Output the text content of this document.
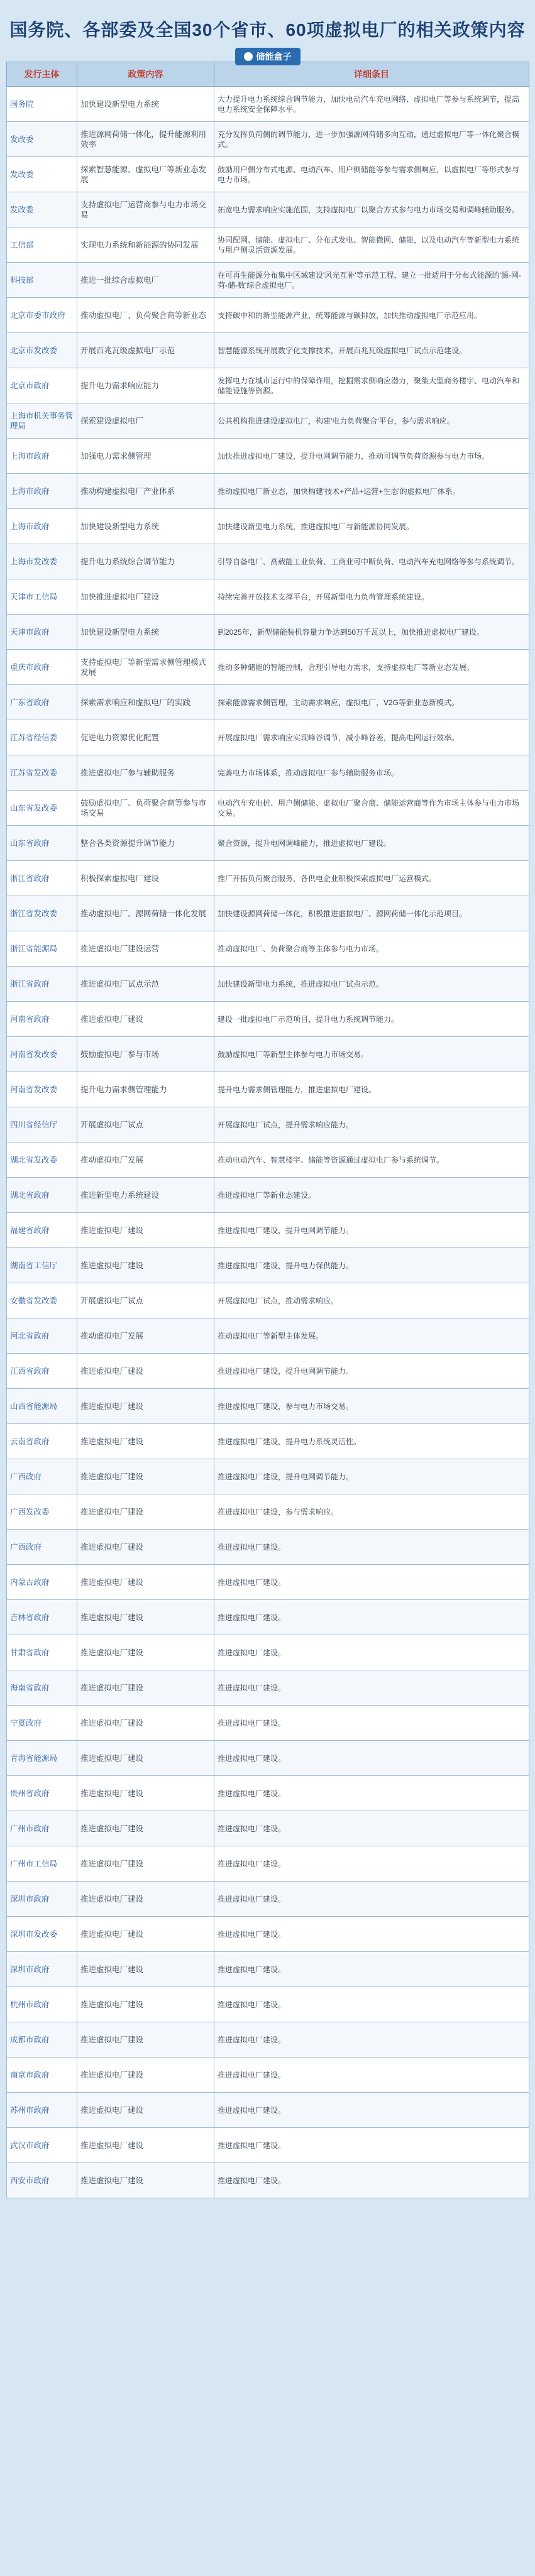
国务院、各部委及全国30个省市、60项虚拟电厂的相关政策内容
储能盒子
发行主体	政策内容	详细条目
国务院	加快建设新型电力系统	大力提升电力系统综合调节能力，加快电动汽车充电网络、虚拟电厂等参与系统调节，提高电力系统安全保障水平。
发改委	推进源网荷储一体化，提升能源利用效率	充分发挥负荷侧的调节能力，进一步加强源网荷储多向互动，通过虚拟电厂等一体化聚合模式。
发改委	探索智慧能源、虚拟电厂等新业态发展	鼓励用户侧分布式电源、电动汽车、用户侧储能等参与需求侧响应，以虚拟电厂等形式参与电力市场。
发改委	支持虚拟电厂运营商参与电力市场交易	拓宽电力需求响应实施范围，支持虚拟电厂以聚合方式参与电力市场交易和调峰辅助服务。
工信部	实现电力系统和新能源的协同发展	协同配网、储能、虚拟电厂、分布式发电、智能微网、储能，以及电动汽车等新型电力系统与用户侧灵活资源发展。
科技部	推进一批综合虚拟电厂	在可再生能源分布集中区域建设'风光互补'等示范工程，建立一批适用于分布式能源的'源-网-荷-储-数'综合虚拟电厂。
北京市委市政府	推动虚拟电厂、负荷聚合商等新业态	支持碳中和的新型能源产业，统筹能源与碳排放，加快推动虚拟电厂示范应用。
北京市发改委	开展百兆瓦级虚拟电厂示范	智慧能源系统开展数字化支撑技术，开展百兆瓦级虚拟电厂试点示范建设。
北京市政府	提升电力需求响应能力	发挥电力在城市运行中的保障作用，挖掘需求侧响应潜力，聚集大型商务楼宇、电动汽车和储能设施等资源。
上海市机关事务管理局	探索建设虚拟电厂	公共机构推进建设虚拟电厂，构建'电力负荷聚合'平台，参与需求响应。
上海市政府	加强电力需求侧管理	加快推进虚拟电厂建设，提升电网调节能力，推动可调节负荷资源参与电力市场。
上海市政府	推动构建虚拟电厂产业体系	推动虚拟电厂新业态，加快构建'技术+产品+运营+生态'的虚拟电厂体系。
上海市政府	加快建设新型电力系统	加快建设新型电力系统，推进虚拟电厂与新能源协同发展。
上海市发改委	提升电力系统综合调节能力	引导自备电厂、高载能工业负荷、工商业可中断负荷、电动汽车充电网络等参与系统调节。
天津市工信局	加快推进虚拟电厂建设	持续完善开放技术支撑平台，开展新型电力负荷管理系统建设。
天津市政府	加快建设新型电力系统	到2025年，新型储能装机容量力争达到50万千瓦以上，加快推进虚拟电厂建设。
重庆市政府	支持虚拟电厂等新型需求侧管理模式发展	推动多种储能的智能控制，合理引导电力需求，支持虚拟电厂等新业态发展。
广东省政府	探索需求响应和虚拟电厂的实践	探索能源需求侧管理，主动需求响应，虚拟电厂，V2G等新业态新模式。
江苏省经信委	促进电力资源优化配置	开展虚拟电厂需求响应实现峰谷调节，减小峰谷差，提高电网运行效率。
江苏省发改委	推进虚拟电厂参与辅助服务	完善电力市场体系，推动虚拟电厂参与辅助服务市场。
山东省发改委	鼓励虚拟电厂、负荷聚合商等参与市场交易	电动汽车充电桩、用户侧储能、虚拟电厂聚合商、储能运营商等作为市场主体参与电力市场交易。
山东省政府	整合各类资源提升调节能力	聚合资源，提升电网调峰能力，推进虚拟电厂建设。
浙江省政府	积极探索虚拟电厂建设	推广开拓负荷聚合服务，各供电企业积极探索虚拟电厂运营模式。
浙江省发改委	推动虚拟电厂、源网荷储一体化发展	加快建设源网荷储一体化，积极推进虚拟电厂、源网荷储一体化示范项目。
浙江省能源局	推进虚拟电厂建设运营	推动虚拟电厂、负荷聚合商等主体参与电力市场。
浙江省政府	推进虚拟电厂试点示范	加快建设新型电力系统，推进虚拟电厂试点示范。
河南省政府	推进虚拟电厂建设	建设一批虚拟电厂示范项目，提升电力系统调节能力。
河南省发改委	鼓励虚拟电厂参与市场	鼓励虚拟电厂等新型主体参与电力市场交易。
河南省发改委	提升电力需求侧管理能力	提升电力需求侧管理能力，推进虚拟电厂建设。
四川省经信厅	开展虚拟电厂试点	开展虚拟电厂试点，提升需求响应能力。
湖北省发改委	推动虚拟电厂发展	推动电动汽车、智慧楼宇、储能等资源通过虚拟电厂参与系统调节。
湖北省政府	推进新型电力系统建设	推进虚拟电厂等新业态建设。
福建省政府	推进虚拟电厂建设	推进虚拟电厂建设，提升电网调节能力。
湖南省工信厅	推进虚拟电厂建设	推进虚拟电厂建设，提升电力保供能力。
安徽省发改委	开展虚拟电厂试点	开展虚拟电厂试点，推动需求响应。
河北省政府	推动虚拟电厂发展	推动虚拟电厂等新型主体发展。
江西省政府	推进虚拟电厂建设	推进虚拟电厂建设，提升电网调节能力。
山西省能源局	推进虚拟电厂建设	推进虚拟电厂建设，参与电力市场交易。
云南省政府	推进虚拟电厂建设	推进虚拟电厂建设，提升电力系统灵活性。
广西政府	推进虚拟电厂建设	推进虚拟电厂建设，提升电网调节能力。
广西发改委	推进虚拟电厂建设	推进虚拟电厂建设，参与需求响应。
广西政府	推进虚拟电厂建设	推进虚拟电厂建设。
内蒙古政府	推进虚拟电厂建设	推进虚拟电厂建设。
吉林省政府	推进虚拟电厂建设	推进虚拟电厂建设。
甘肃省政府	推进虚拟电厂建设	推进虚拟电厂建设。
海南省政府	推进虚拟电厂建设	推进虚拟电厂建设。
宁夏政府	推进虚拟电厂建设	推进虚拟电厂建设。
青海省能源局	推进虚拟电厂建设	推进虚拟电厂建设。
贵州省政府	推进虚拟电厂建设	推进虚拟电厂建设。
广州市政府	推进虚拟电厂建设	推进虚拟电厂建设。
广州市工信局	推进虚拟电厂建设	推进虚拟电厂建设。
深圳市政府	推进虚拟电厂建设	推进虚拟电厂建设。
深圳市发改委	推进虚拟电厂建设	推进虚拟电厂建设。
深圳市政府	推进虚拟电厂建设	推进虚拟电厂建设。
杭州市政府	推进虚拟电厂建设	推进虚拟电厂建设。
成都市政府	推进虚拟电厂建设	推进虚拟电厂建设。
南京市政府	推进虚拟电厂建设	推进虚拟电厂建设。
苏州市政府	推进虚拟电厂建设	推进虚拟电厂建设。
武汉市政府	推进虚拟电厂建设	推进虚拟电厂建设。
西安市政府	推进虚拟电厂建设	推进虚拟电厂建设。
